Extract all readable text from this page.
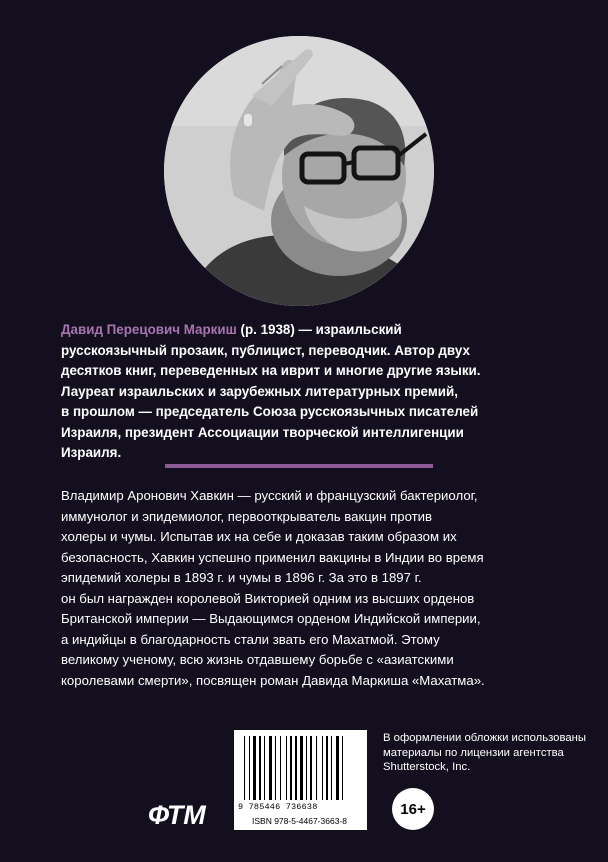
Давид Перецович Маркиш (р. 1938) — израильский
русскоязычный прозаик, публицист, переводчик. Автор двух
десятков книг, переведенных на иврит и многие другие языки.
Лауреат израильских и зарубежных литературных премий,
в прошлом — председатель Союза русскоязычных писателей
Израиля, президент Ассоциации творческой интеллигенции
Израиля.

Владимир Аронович Хавкин — русский и французский бактериолог,

иммунолог и эпидемиолог, первооткрыватель вакцин против

холеры и чумы. Испытав их на себе и доказав таким образом их

безопасность, Хавкин успешно применил вакцины в Индии во время

эпидемий холеры в 1893 г. и чумы в 1896 г. За это в 1897 г.

он был награжден королевой Викторией одним из высших орденов

Британской империи — Выдающимся орденом Индийской империи,

а индийцы в благодарность стали звать его Махатмой. Этому

великому ученому, всю жизнь отдавшему борьбе с «азиатскими

королевами смерти», посвящен роман Давида Маркиша «Махатма».

9 785446 736638
ISBN 978-5-4467-3663-8
ФТМ	16+

В оформлении обложки использованы

материалы по лицензии агентства

Shutterstock, Inc.
